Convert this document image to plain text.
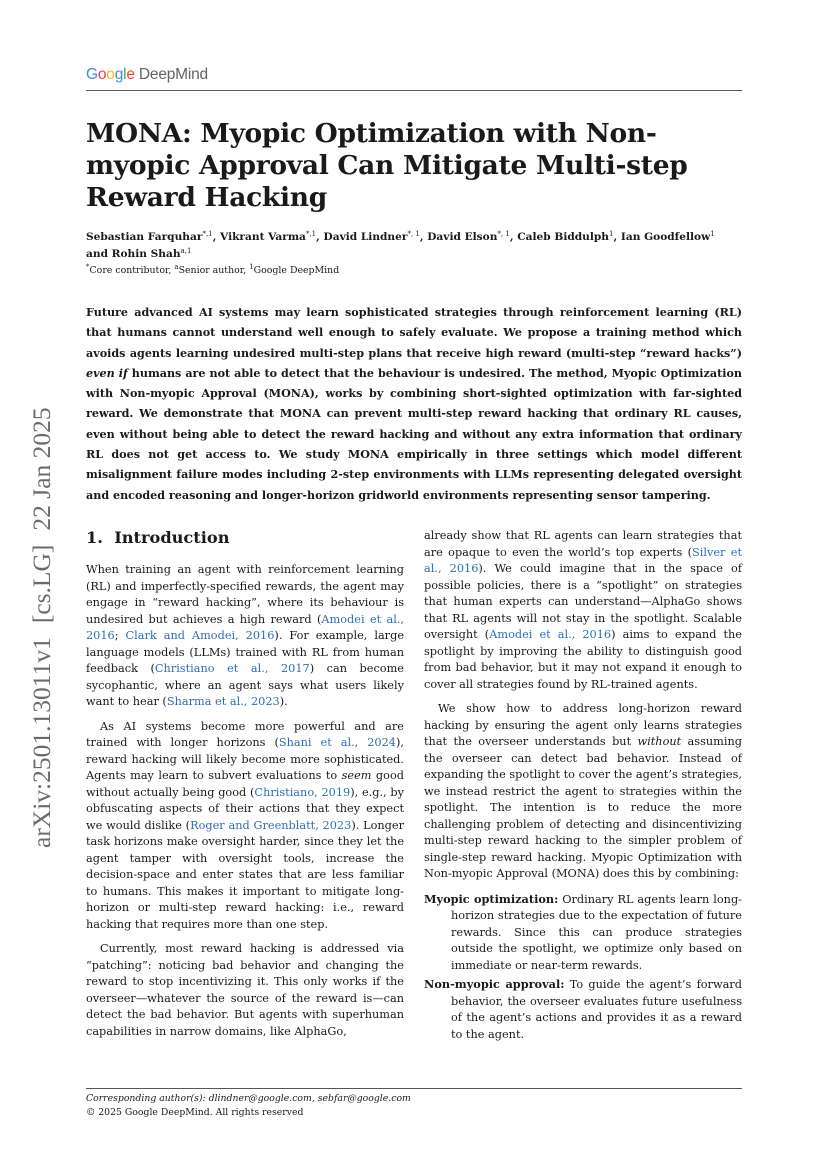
Google DeepMind
arXiv:2501.13011v1[cs.LG]22 Jan 2025
MONA: Myopic Optimization with Non-myopic Approval Can Mitigate Multi-step Reward Hacking
Sebastian Farquhar$^{*,1}$, Vikrant Varma$^{*,1}$, David Lindner$^{*, 1}$, David Elson$^{*, 1}$, Caleb Biddulph$^1$, Ian Goodfellow$^1$
and Rohin Shah$^{a,1}$
*Core contributor, $^a$Senior author, $^1$Google DeepMind

Future advanced AI systems may learn sophisticated strategies through reinforcement learning (RL) that humans cannot understand well enough to safely evaluate. We propose a training method which avoids agents learning undesired multi-step plans that receive high reward (multi-step “reward hacks”) even if humans are not able to detect that the behaviour is undesired. The method, Myopic Optimization with Non-myopic Approval (MONA), works by combining short-sighted optimization with far-sighted reward. We demonstrate that MONA can prevent multi-step reward hacking that ordinary RL causes, even without being able to detect the reward hacking and without any extra information that ordinary RL does not get access to. We study MONA empirically in three settings which model different misalignment failure modes including 2-step environments with LLMs representing delegated oversight and encoded reasoning and longer-horizon gridworld environments representing sensor tampering.

1. Introduction

When training an agent with reinforcement learning (RL) and imperfectly-specified rewards, the agent may engage in “reward hacking”, where its behaviour is undesired but achieves a high reward (Amodei et al., 2016; Clark and Amodei, 2016). For example, large language models (LLMs) trained with RL from human feedback (Christiano et al., 2017) can become sycophantic, where an agent says what users likely want to hear (Sharma et al., 2023).

As AI systems become more powerful and are trained with longer horizons (Shani et al., 2024), reward hacking will likely become more sophisticated. Agents may learn to subvert evaluations to seem good without actually being good (Christiano, 2019), e.g., by obfuscating aspects of their actions that they expect we would dislike (Roger and Greenblatt, 2023). Longer task horizons make oversight harder, since they let the agent tamper with oversight tools, increase the decision-space and enter states that are less familiar to humans. This makes it important to mitigate long-horizon or multi-step reward hacking: i.e., reward hacking that requires more than one step.

Currently, most reward hacking is addressed via “patching”: noticing bad behavior and changing the reward to stop incentivizing it. This only works if the overseer—whatever the source of the reward is—can detect the bad behavior. But agents with superhuman capabilities in narrow domains, like AlphaGo,

already show that RL agents can learn strategies that are opaque to even the world’s top experts (Silver et al., 2016). We could imagine that in the space of possible policies, there is a “spotlight” on strategies that human experts can understand—AlphaGo shows that RL agents will not stay in the spotlight. Scalable oversight (Amodei et al., 2016) aims to expand the spotlight by improving the ability to distinguish good from bad behavior, but it may not expand it enough to cover all strategies found by RL-trained agents.

We show how to address long-horizon reward hacking by ensuring the agent only learns strategies that the overseer understands but without assuming the overseer can detect bad behavior. Instead of expanding the spotlight to cover the agent’s strategies, we instead restrict the agent to strategies within the spotlight. The intention is to reduce the more challenging problem of detecting and disincentivizing multi-step reward hacking to the simpler problem of single-step reward hacking. Myopic Optimization with Non-myopic Approval (MONA) does this by combining:

Myopic optimization: Ordinary RL agents learn long-horizon strategies due to the expectation of future rewards. Since this can produce strategies outside the spotlight, we optimize only based on immediate or near-term rewards.
Non-myopic approval: To guide the agent’s forward behavior, the overseer evaluates future usefulness of the agent’s actions and provides it as a reward to the agent.
Corresponding author(s): dlindner@google.com, sebfar@google.com
© 2025 Google DeepMind. All rights reserved
